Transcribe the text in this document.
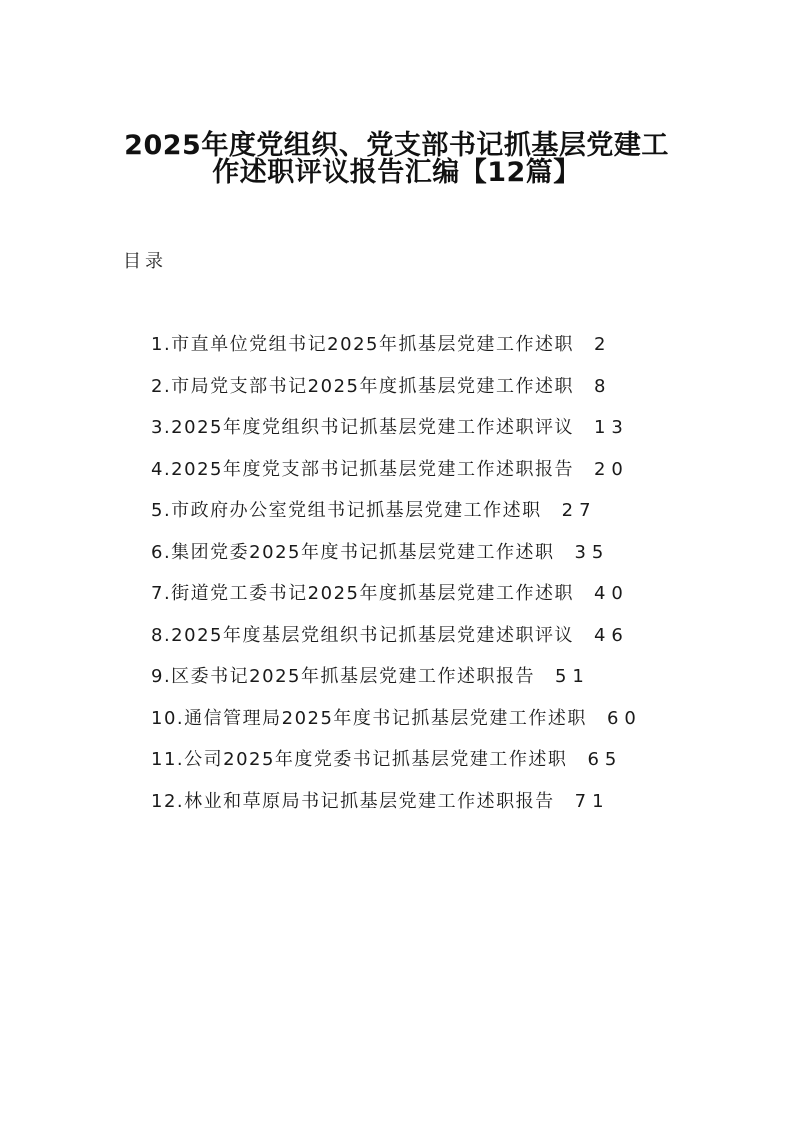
2025年度党组织、党支部书记抓基层党建工
作述职评议报告汇编【12篇】
目录
1.市直单位党组书记2025年抓基层党建工作述职 2
2.市局党支部书记2025年度抓基层党建工作述职 8
3.2025年度党组织书记抓基层党建工作述职评议 13
4.2025年度党支部书记抓基层党建工作述职报告 20
5.市政府办公室党组书记抓基层党建工作述职 27
6.集团党委2025年度书记抓基层党建工作述职 35
7.街道党工委书记2025年度抓基层党建工作述职 40
8.2025年度基层党组织书记抓基层党建述职评议 46
9.区委书记2025年抓基层党建工作述职报告 51
10.通信管理局2025年度书记抓基层党建工作述职 60
11.公司2025年度党委书记抓基层党建工作述职 65
12.林业和草原局书记抓基层党建工作述职报告 71
